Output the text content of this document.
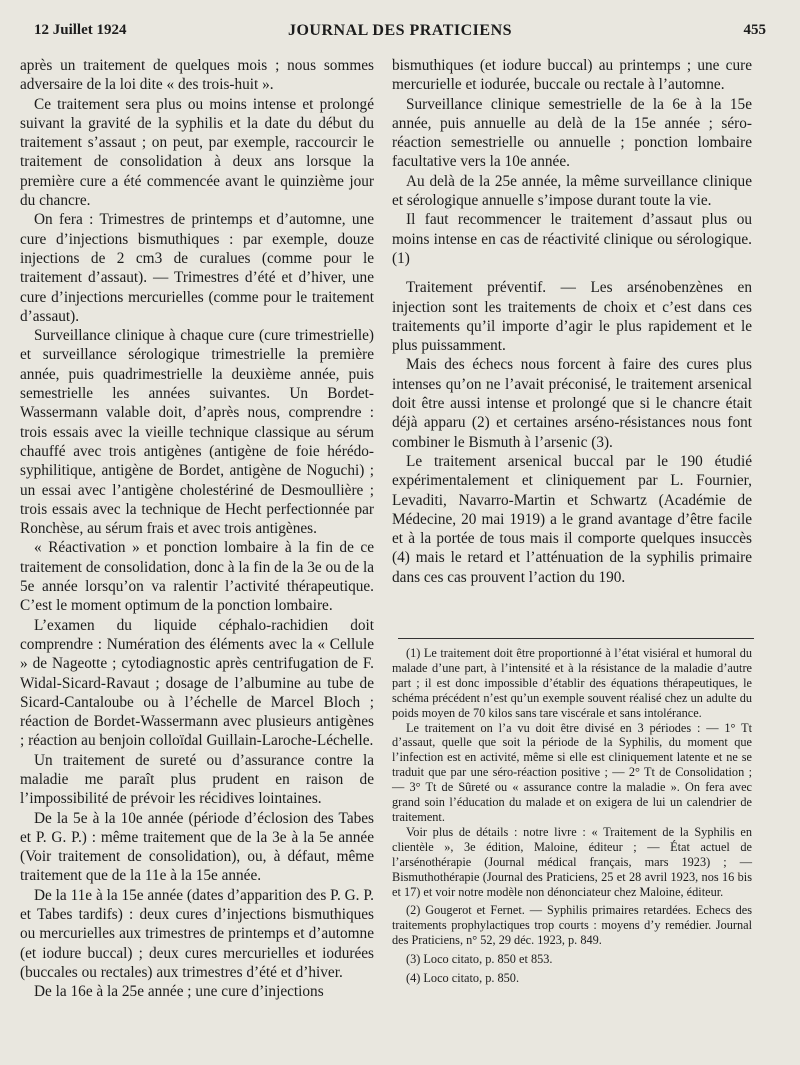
12 Juillet 1924	JOURNAL DES PRATICIENS	455

après un traitement de quelques mois ; nous sommes adversaire de la loi dite « des trois-huit ».

Ce traitement sera plus ou moins intense et prolongé suivant la gravité de la syphilis et la date du début du traitement s’assaut ; on peut, par exemple, raccourcir le traitement de consolidation à deux ans lorsque la première cure a été commencée avant le quinzième jour du chancre.

On fera : Trimestres de printemps et d’automne, une cure d’injections bismuthiques : par exemple, douze injections de 2 cm3 de curalues (comme pour le traitement d’assaut). — Trimestres d’été et d’hiver, une cure d’injections mercurielles (comme pour le traitement d’assaut).

Surveillance clinique à chaque cure (cure trimestrielle) et surveillance sérologique trimestrielle la première année, puis quadrimestrielle la deuxième année, puis semestrielle les années suivantes. Un Bordet-Wassermann valable doit, d’après nous, comprendre : trois essais avec la vieille technique classique au sérum chauffé avec trois antigènes (antigène de foie hérédo-syphilitique, antigène de Bordet, antigène de Noguchi) ; un essai avec l’antigène cholestériné de Desmoullière ; trois essais avec la technique de Hecht perfectionnée par Ronchèse, au sérum frais et avec trois antigènes.

« Réactivation » et ponction lombaire à la fin de ce traitement de consolidation, donc à la fin de la 3e ou de la 5e année lorsqu’on va ralentir l’activité thérapeutique. C’est le moment optimum de la ponction lombaire.

L’examen du liquide céphalo-rachidien doit comprendre : Numération des éléments avec la « Cellule » de Nageotte ; cytodiagnostic après centrifugation de F. Widal-Sicard-Ravaut ; dosage de l’albumine au tube de Sicard-Cantaloube ou à l’échelle de Marcel Bloch ; réaction de Bordet-Wassermann avec plusieurs antigènes ; réaction au benjoin colloïdal Guillain-Laroche-Léchelle.

Un traitement de sureté ou d’assurance contre la maladie me paraît plus prudent en raison de l’impossibilité de prévoir les récidives lointaines.

De la 5e à la 10e année (période d’éclosion des Tabes et P. G. P.) : même traitement que de la 3e à la 5e année (Voir traitement de consolidation), ou, à défaut, même traitement que de la 11e à la 15e année.

De la 11e à la 15e année (dates d’apparition des P. G. P. et Tabes tardifs) : deux cures d’injections bismuthiques ou mercurielles aux trimestres de printemps et d’automne (et iodure buccal) ; deux cures mercurielles et iodurées (buccales ou rectales) aux trimestres d’été et d’hiver.

De la 16e à la 25e année ; une cure d’injections

bismuthiques (et iodure buccal) au printemps ; une cure mercurielle et iodurée, buccale ou rectale à l’automne.

Surveillance clinique semestrielle de la 6e à la 15e année, puis annuelle au delà de la 15e année ; séro-réaction semestrielle ou annuelle ; ponction lombaire facultative vers la 10e année.

Au delà de la 25e année, la même surveillance clinique et sérologique annuelle s’impose durant toute la vie.

Il faut recommencer le traitement d’assaut plus ou moins intense en cas de réactivité clinique ou sérologique. (1)

Traitement préventif. — Les arsénobenzènes en injection sont les traitements de choix et c’est dans ces traitements qu’il importe d’agir le plus rapidement et le plus puissamment.

Mais des échecs nous forcent à faire des cures plus intenses qu’on ne l’avait préconisé, le traitement arsenical doit être aussi intense et prolongé que si le chancre était déjà apparu (2) et certaines arséno-résistances nous font combiner le Bismuth à l’arsenic (3).

Le traitement arsenical buccal par le 190 étudié expérimentalement et cliniquement par L. Fournier, Levaditi, Navarro-Martin et Schwartz (Académie de Médecine, 20 mai 1919) a le grand avantage d’être facile et à la portée de tous mais il comporte quelques insuccès (4) mais le retard et l’atténuation de la syphilis primaire dans ces cas prouvent l’action du 190.

(1) Le traitement doit être proportionné à l’état visiéral et humoral du malade d’une part, à l’intensité et à la résistance de la maladie d’autre part ; il est donc impossible d’établir des équations thérapeutiques, le schéma précédent n’est qu’un exemple souvent réalisé chez un adulte du poids moyen de 70 kilos sans tare viscérale et sans intolérance.

Le traitement on l’a vu doit être divisé en 3 périodes : — 1° Tt d’assaut, quelle que soit la période de la Syphilis, du moment que l’infection est en activité, même si elle est cliniquement latente et ne se traduit que par une séro-réaction positive ; — 2° Tt de Consolidation ; — 3° Tt de Sûreté ou « assurance contre la maladie ». On fera avec grand soin l’éducation du malade et on exigera de lui un calendrier de traitement.

Voir plus de détails : notre livre : « Traitement de la Syphilis en clientèle », 3e édition, Maloine, éditeur ; — État actuel de l’arsénothérapie (Journal médical français, mars 1923) ; — Bismuthothérapie (Journal des Praticiens, 25 et 28 avril 1923, nos 16 bis et 17) et voir notre modèle non dénonciateur chez Maloine, éditeur.

(2) Gougerot et Fernet. — Syphilis primaires retardées. Echecs des traitements prophylactiques trop courts : moyens d’y remédier. Journal des Praticiens, n° 52, 29 déc. 1923, p. 849.

(3) Loco citato, p. 850 et 853.

(4) Loco citato, p. 850.
